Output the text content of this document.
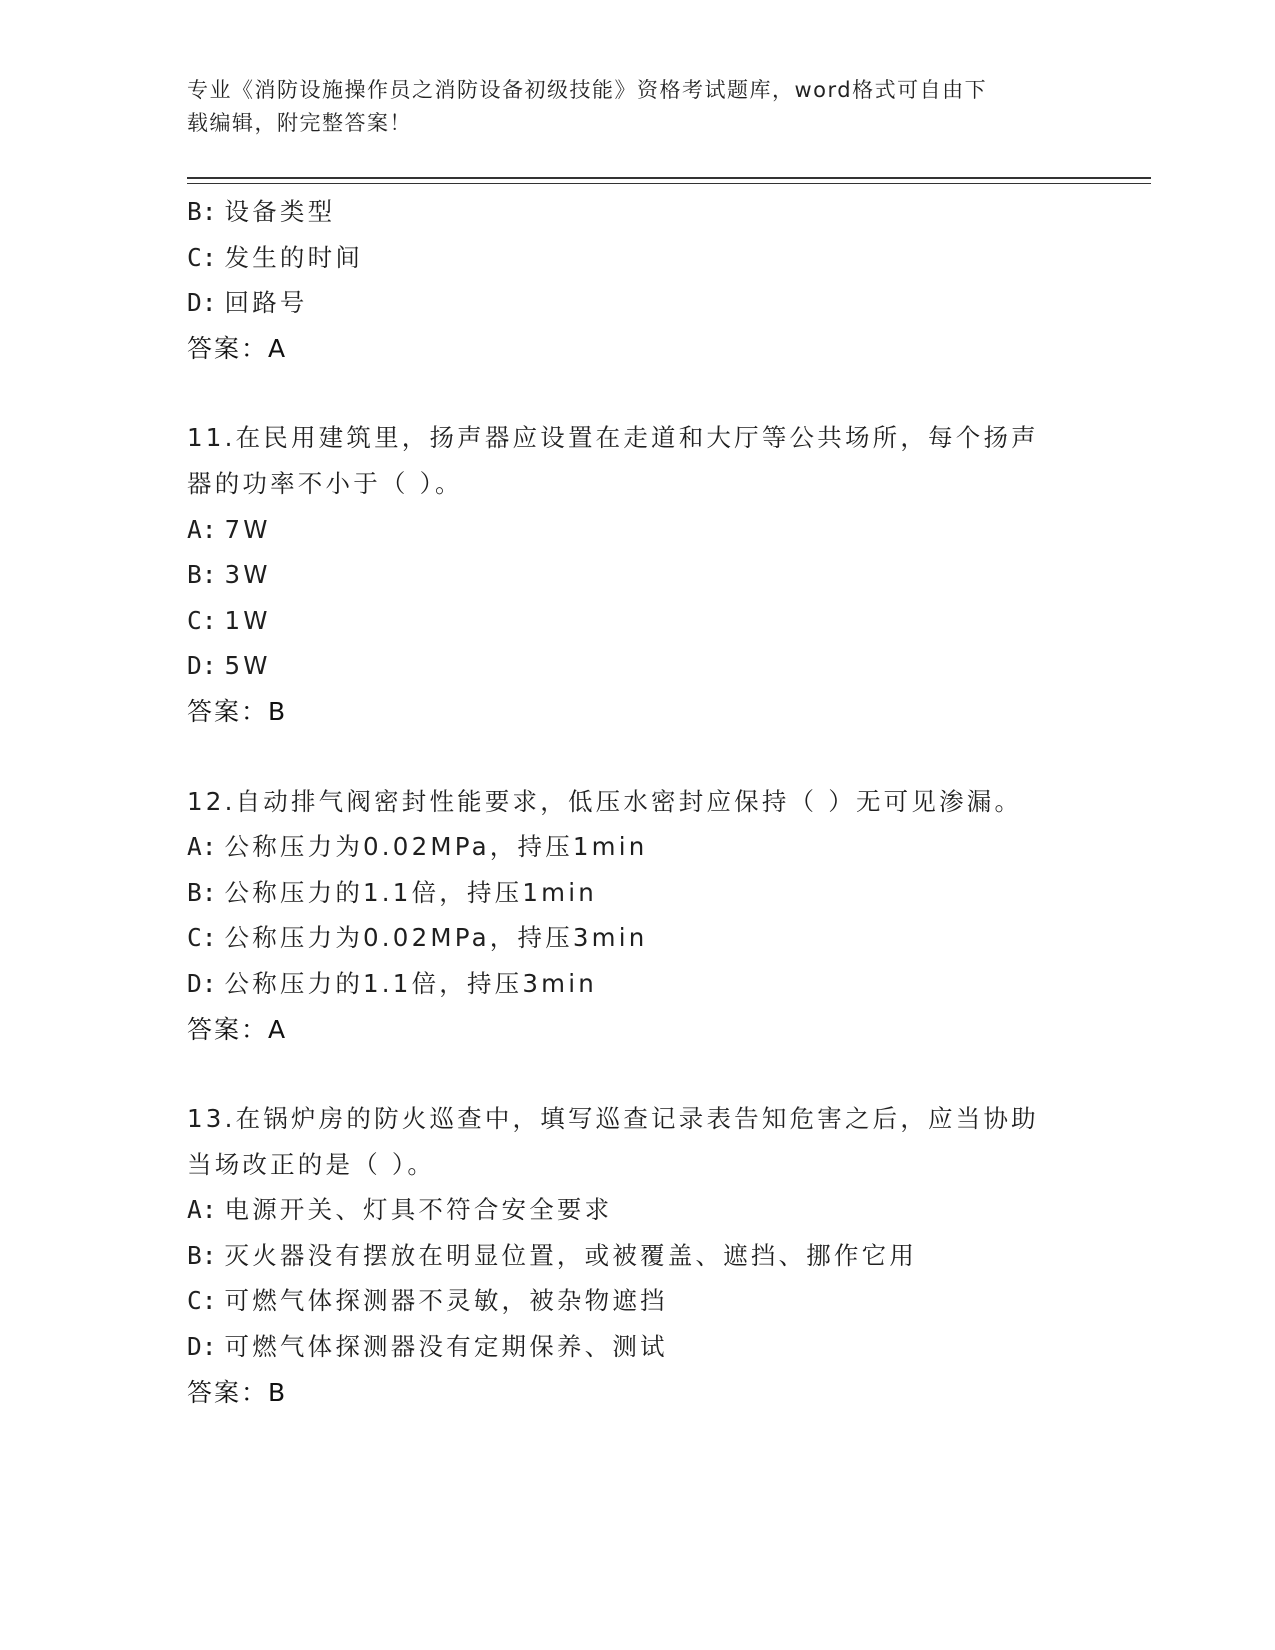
专业《消防设施操作员之消防设备初级技能》资格考试题库，word格式可自由下
载编辑，附完整答案！
B: 设备类型
C: 发生的时间
D: 回路号
答案：A
11.在民用建筑里，扬声器应设置在走道和大厅等公共场所，每个扬声
器的功率不小于（ ）。
A: 7W
B: 3W
C: 1W
D: 5W
答案：B
12.自动排气阀密封性能要求，低压水密封应保持（ ）无可见渗漏。
A: 公称压力为0.02MPa，持压1min
B: 公称压力的1.1倍，持压1min
C: 公称压力为0.02MPa，持压3min
D: 公称压力的1.1倍，持压3min
答案：A
13.在锅炉房的防火巡查中，填写巡查记录表告知危害之后，应当协助
当场改正的是（ ）。
A: 电源开关、灯具不符合安全要求
B: 灭火器没有摆放在明显位置，或被覆盖、遮挡、挪作它用
C: 可燃气体探测器不灵敏，被杂物遮挡
D: 可燃气体探测器没有定期保养、测试
答案：B
